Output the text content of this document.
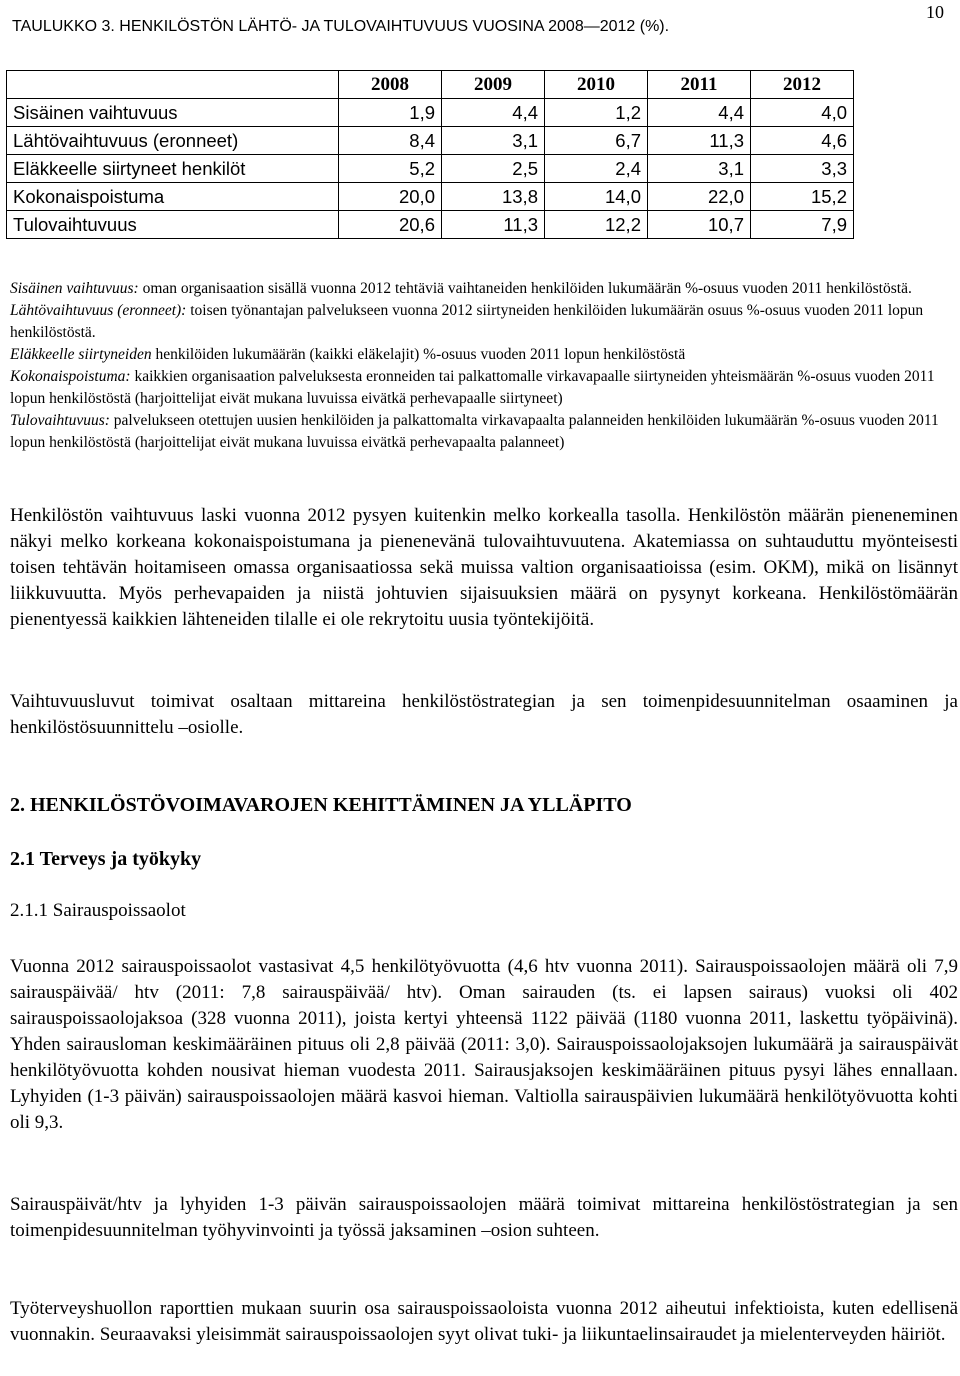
10
TAULUKKO 3. HENKILÖSTÖN LÄHTÖ- JA TULOVAIHTUVUUS VUOSINA 2008—2012 (%).
	2008	2009	2010	2011	2012
Sisäinen vaihtuvuus	1,9	4,4	1,2	4,4	4,0
Lähtövaihtuvuus (eronneet)	8,4	3,1	6,7	11,3	4,6
Eläkkeelle siirtyneet henkilöt	5,2	2,5	2,4	3,1	3,3
Kokonaispoistuma	20,0	13,8	14,0	22,0	15,2
Tulovaihtuvuus	20,6	11,3	12,2	10,7	7,9

Sisäinen vaihtuvuus: oman organisaation sisällä vuonna 2012 tehtäviä vaihtaneiden henkilöiden lukumäärän %-osuus vuoden 2011 henkilöstöstä.

Lähtövaihtuvuus (eronneet): toisen työnantajan palvelukseen vuonna 2012 siirtyneiden henkilöiden lukumäärän osuus %-osuus vuoden 2011 lopun henkilöstöstä.

Eläkkeelle siirtyneiden henkilöiden lukumäärän (kaikki eläkelajit) %-osuus vuoden 2011 lopun henkilöstöstä

Kokonaispoistuma: kaikkien organisaation palveluksesta eronneiden tai palkattomalle virkavapaalle siirtyneiden yhteismäärän %-osuus vuoden 2011 lopun henkilöstöstä (harjoittelijat eivät mukana luvuissa eivätkä perhevapaalle siirtyneet)

Tulovaihtuvuus: palvelukseen otettujen uusien henkilöiden ja palkattomalta virkavapaalta palanneiden henkilöiden lukumäärän %-osuus vuoden 2011 lopun henkilöstöstä (harjoittelijat eivät mukana luvuissa eivätkä perhevapaalta palanneet)

Henkilöstön vaihtuvuus laski vuonna 2012 pysyen kuitenkin melko korkealla tasolla. Henkilöstön määrän pieneneminen näkyi melko korkeana kokonaispoistumana ja pienenevänä tulovaihtuvuutena. Akatemiassa on suhtauduttu myönteisesti toisen tehtävän hoitamiseen omassa organisaatiossa sekä muissa valtion organisaatioissa (esim. OKM), mikä on lisännyt liikkuvuutta. Myös perhevapaiden ja niistä johtuvien sijaisuuksien määrä on pysynyt korkeana. Henkilöstömäärän pienentyessä kaikkien lähteneiden tilalle ei ole rekrytoitu uusia työntekijöitä.

Vaihtuvuusluvut toimivat osaltaan mittareina henkilöstöstrategian ja sen toimenpidesuunnitelman osaaminen ja henkilöstösuunnittelu –osiolle.

2. HENKILÖSTÖVOIMAVAROJEN KEHITTÄMINEN JA YLLÄPITO
2.1 Terveys ja työkyky
2.1.1 Sairauspoissaolot

Vuonna 2012 sairauspoissaolot vastasivat 4,5 henkilötyövuotta (4,6 htv vuonna 2011). Sairauspoissaolojen määrä oli 7,9 sairauspäivää/ htv (2011: 7,8 sairauspäivää/ htv). Oman sairauden (ts. ei lapsen sairaus) vuoksi oli 402 sairauspoissaolojaksoa (328 vuonna 2011), joista kertyi yhteensä 1122 päivää (1180 vuonna 2011, laskettu työpäivinä). Yhden sairausloman keskimääräinen pituus oli 2,8 päivää (2011: 3,0). Sairauspoissaolojaksojen lukumäärä ja sairauspäivät henkilötyövuotta kohden nousivat hieman vuodesta 2011. Sairausjaksojen keskimääräinen pituus pysyi lähes ennallaan. Lyhyiden (1-3 päivän) sairauspoissaolojen määrä kasvoi hieman. Valtiolla sairauspäivien lukumäärä henkilötyövuotta kohti oli 9,3.

Sairauspäivät/htv ja lyhyiden 1-3 päivän sairauspoissaolojen määrä toimivat mittareina henkilöstöstrategian ja sen toimenpidesuunnitelman työhyvinvointi ja työssä jaksaminen –osion suhteen.

Työterveyshuollon raporttien mukaan suurin osa sairauspoissaoloista vuonna 2012 aiheutui infektioista, kuten edellisenä vuonnakin. Seuraavaksi yleisimmät sairauspoissaolojen syyt olivat tuki- ja liikuntaelinsairaudet ja mielenterveyden häiriöt.
